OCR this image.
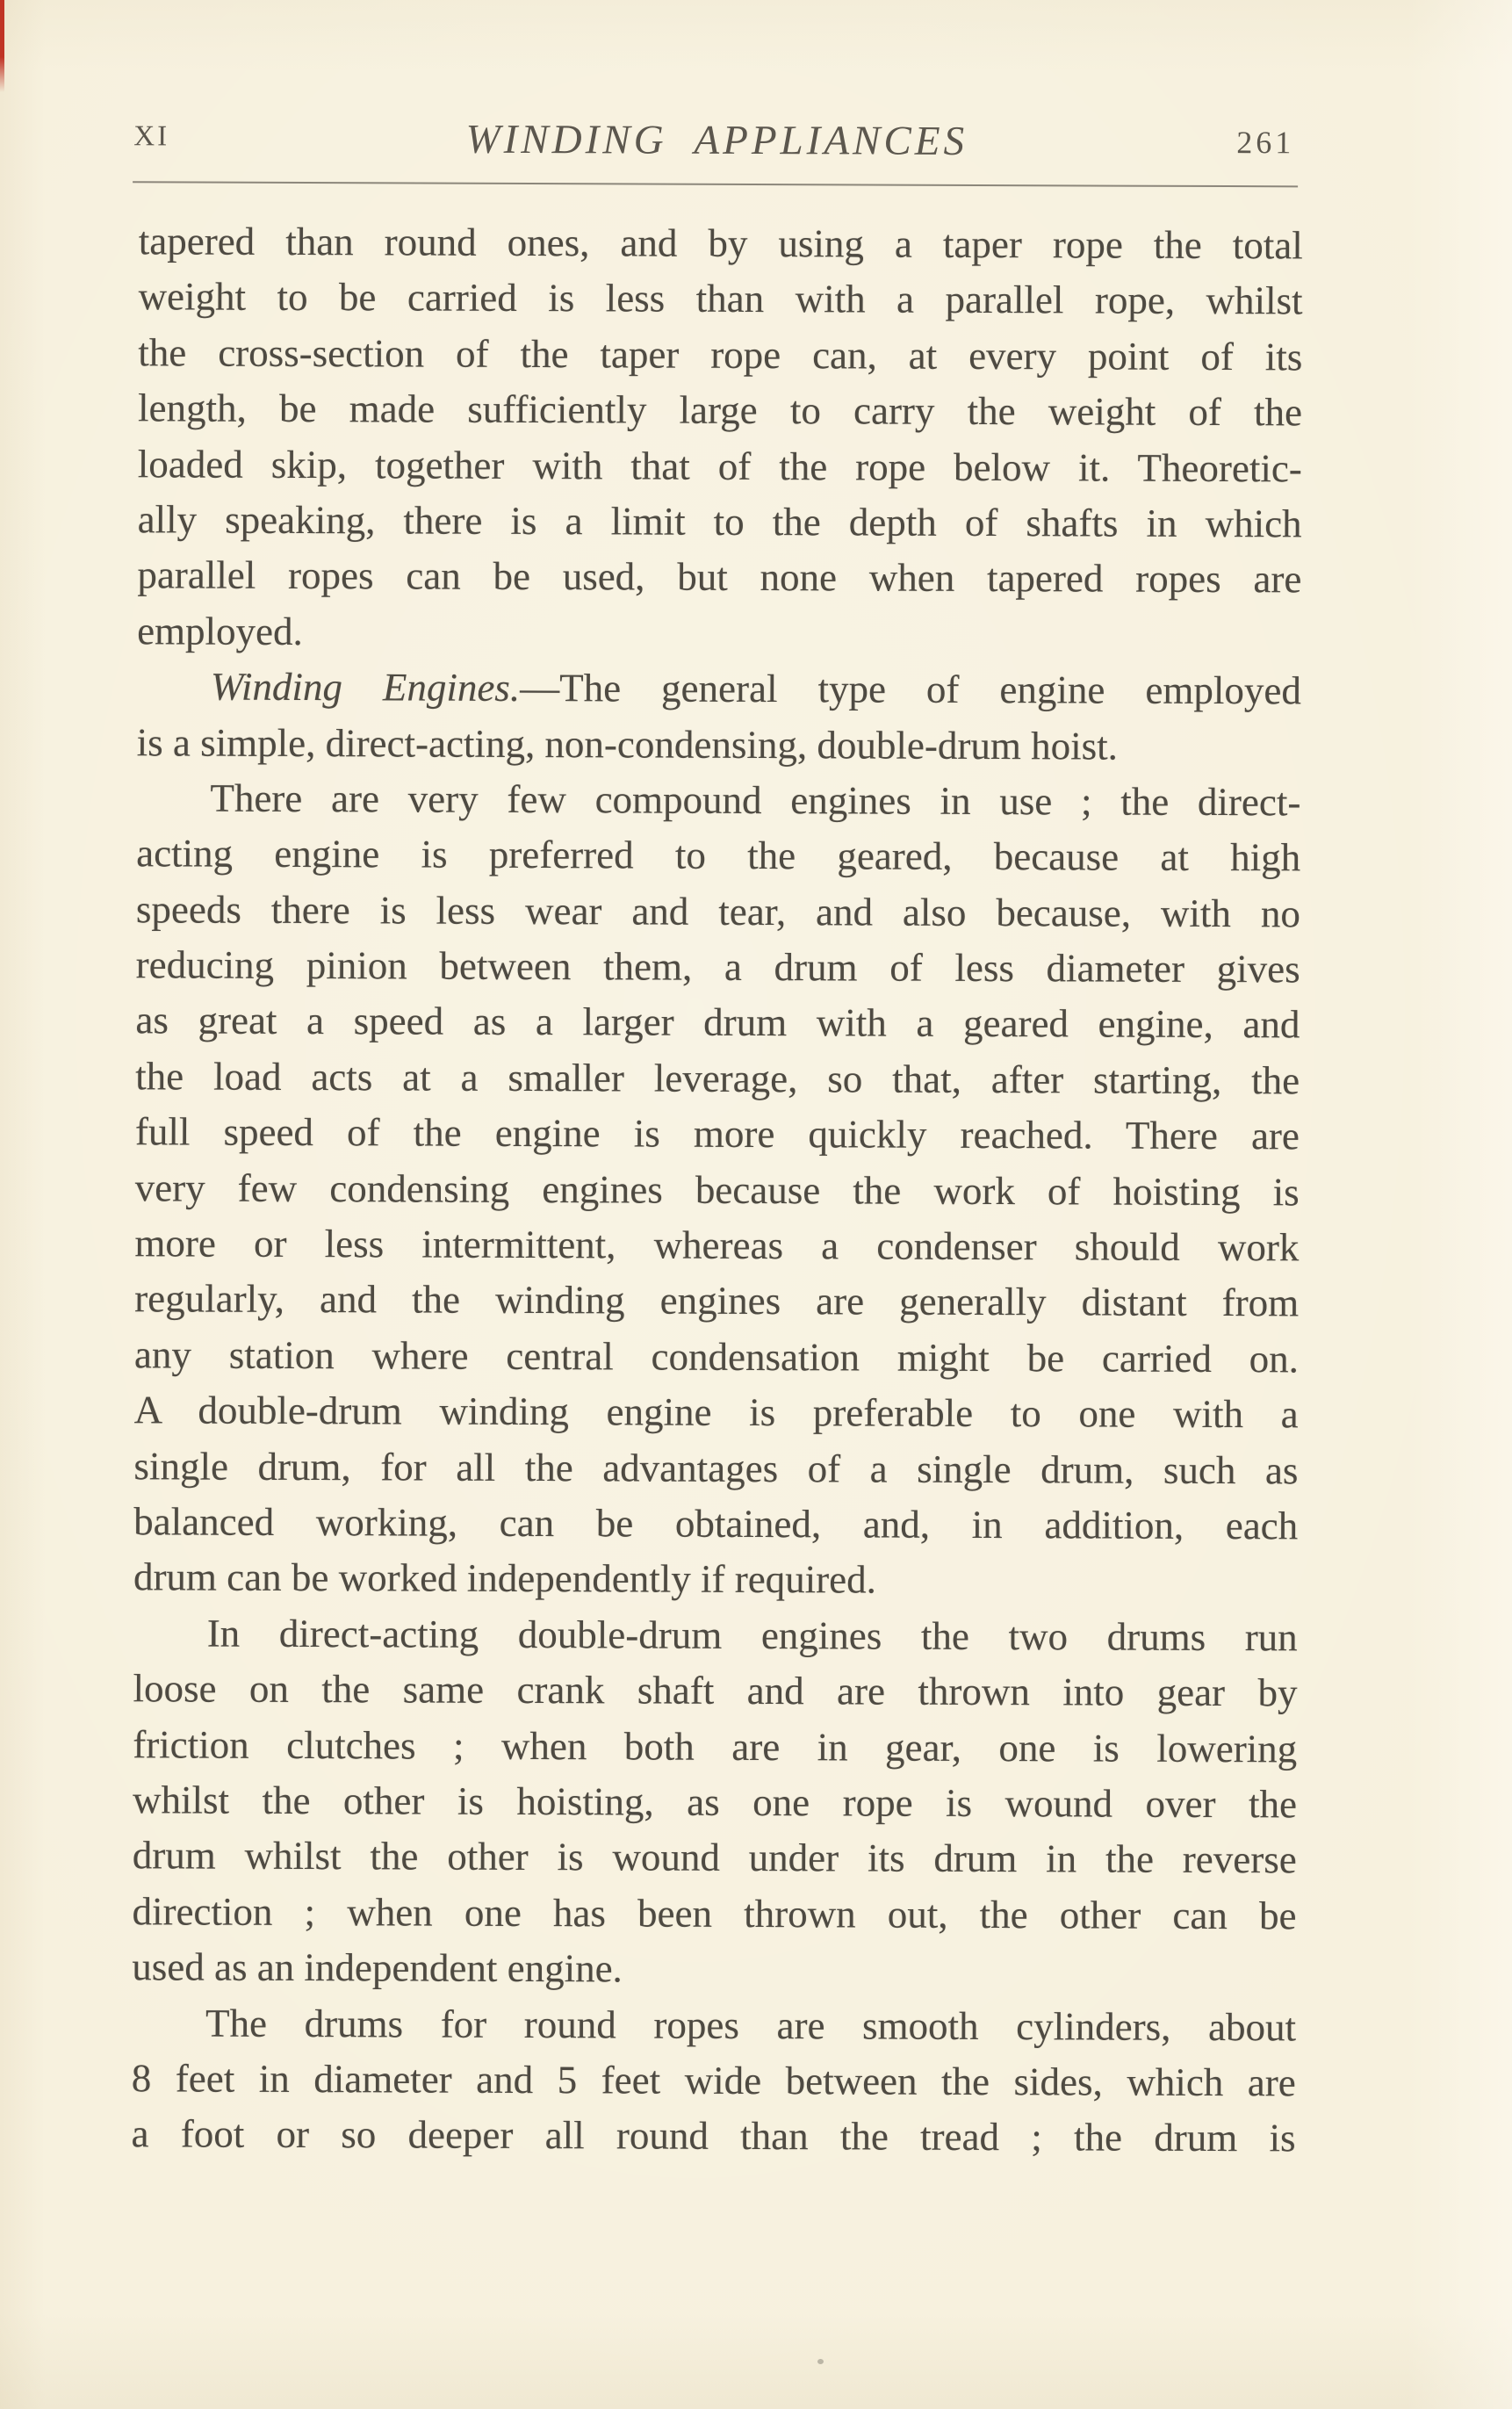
XI	WINDING APPLIANCES	261
tapered than round ones, and by using a taper rope the total
weight to be carried is less than with a parallel rope, whilst
the cross-section of the taper rope can, at every point of its
length, be made sufficiently large to carry the weight of the
loaded skip, together with that of the rope below it. Theoretic-
ally speaking, there is a limit to the depth of shafts in which
parallel ropes can be used, but none when tapered ropes are
employed.
Winding Engines.—The general type of engine employed
is a simple, direct-acting, non-condensing, double-drum hoist.
There are very few compound engines in use ; the direct-
acting engine is preferred to the geared, because at high
speeds there is less wear and tear, and also because, with no
reducing pinion between them, a drum of less diameter gives
as great a speed as a larger drum with a geared engine, and
the load acts at a smaller leverage, so that, after starting, the
full speed of the engine is more quickly reached. There are
very few condensing engines because the work of hoisting is
more or less intermittent, whereas a condenser should work
regularly, and the winding engines are generally distant from
any station where central condensation might be carried on.
A double-drum winding engine is preferable to one with a
single drum, for all the advantages of a single drum, such as
balanced working, can be obtained, and, in addition, each
drum can be worked independently if required.
In direct-acting double-drum engines the two drums run
loose on the same crank shaft and are thrown into gear by
friction clutches ; when both are in gear, one is lowering
whilst the other is hoisting, as one rope is wound over the
drum whilst the other is wound under its drum in the reverse
direction ; when one has been thrown out, the other can be
used as an independent engine.
The drums for round ropes are smooth cylinders, about
8 feet in diameter and 5 feet wide between the sides, which are
a foot or so deeper all round than the tread ; the drum is
